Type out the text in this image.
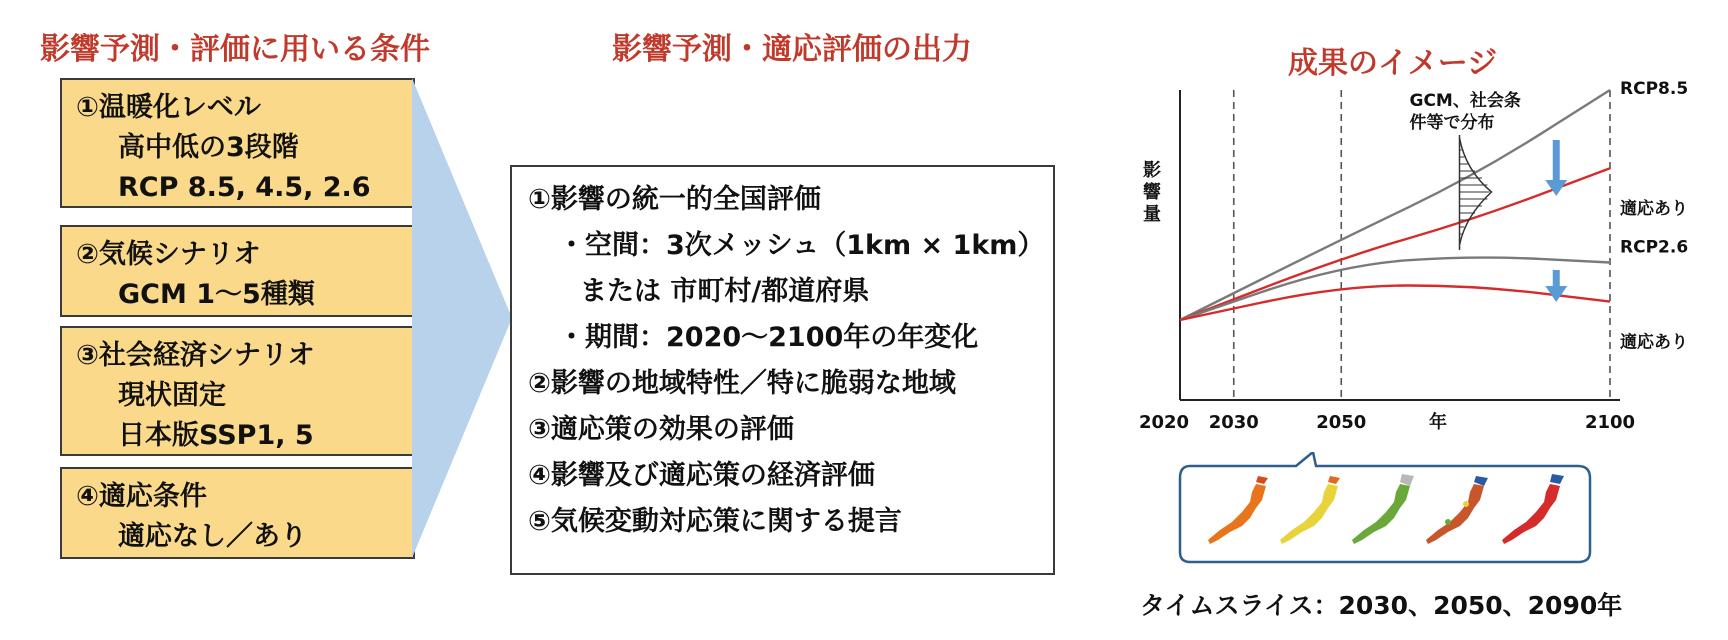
影響予測・評価に用いる条件
①温暖化レベル
高中低の3段階
RCP 8.5, 4.5, 2.6
②気候シナリオ
GCM 1～5種類
③社会経済シナリオ
現状固定
日本版SSP1, 5
④適応条件
適応なし／あり
影響予測・適応評価の出力
①影響の統一的全国評価
・空間：3次メッシュ（1km × 1km）
または 市町村/都道府県
・期間：2020～2100年の年変化
②影響の地域特性／特に脆弱な地域
③適応策の効果の評価
④影響及び適応策の経済評価
⑤気候変動対応策に関する提言
成果のイメージ
RCP8.5
適応あり
RCP2.6
適応あり
GCM、社会条
件等で分布
影
響
量
2020 2030	2050	2100
年
タイムスライス：2030、2050、2090年
